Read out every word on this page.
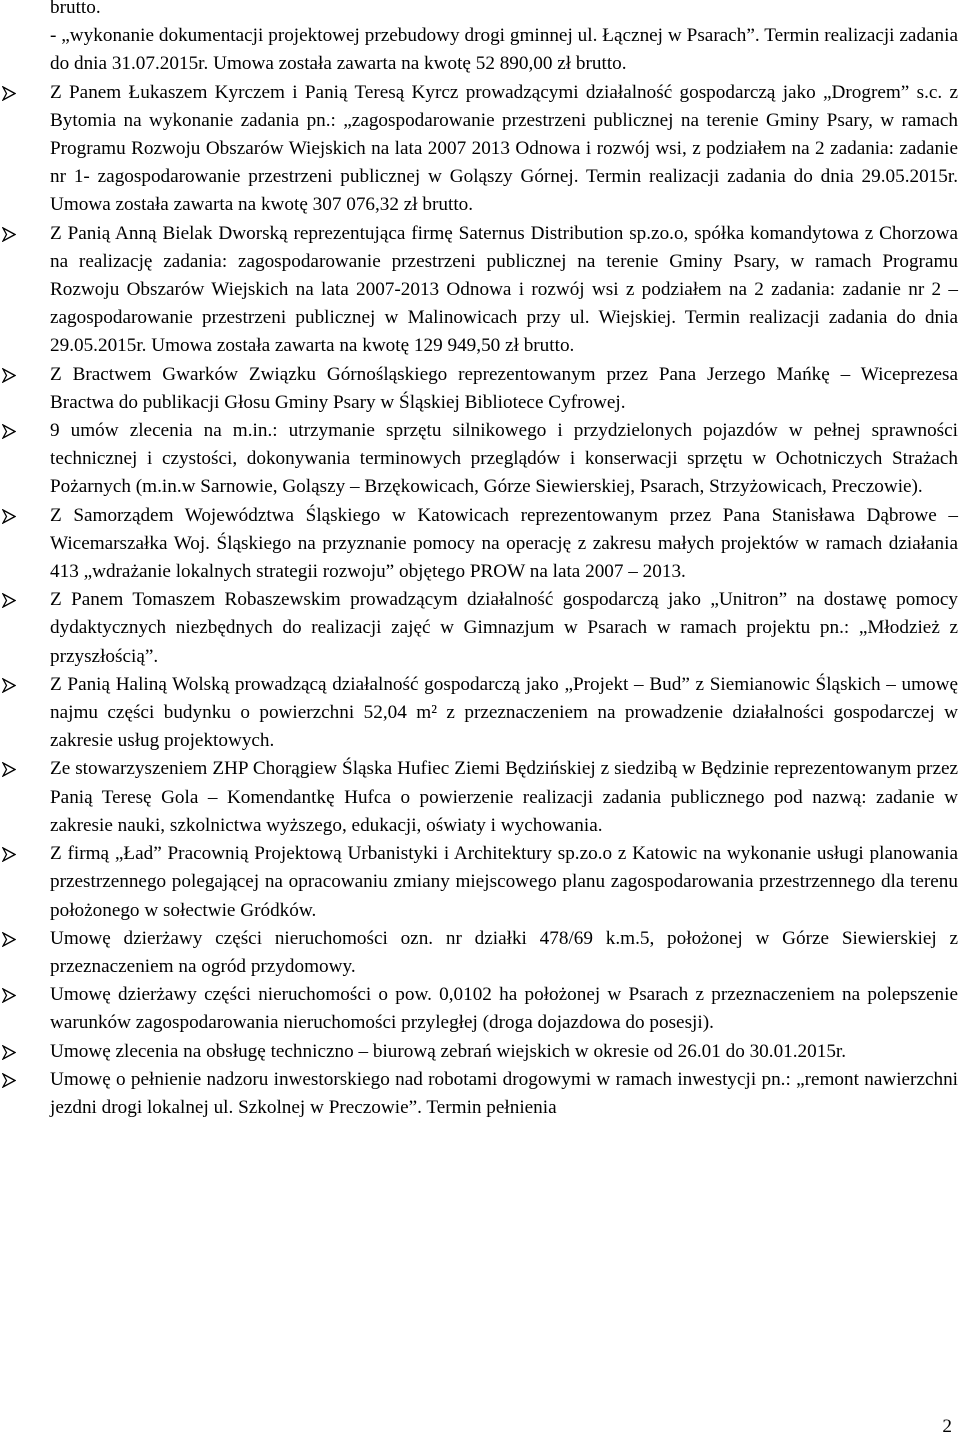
brutto.
- „wykonanie dokumentacji projektowej przebudowy drogi gminnej ul. Łącznej w Psarach”. Termin realizacji zadania do dnia 31.07.2015r. Umowa została zawarta na kwotę 52 890,00 zł brutto.
Z Panem Łukaszem Kyrczem i Panią Teresą Kyrcz prowadzącymi działalność gospodarczą jako „Drogrem” s.c. z Bytomia na wykonanie zadania pn.: „zagospodarowanie przestrzeni publicznej na terenie Gminy Psary, w ramach Programu Rozwoju Obszarów Wiejskich na lata 2007 2013 Odnowa i rozwój wsi, z podziałem na 2 zadania: zadanie nr 1- zagospodarowanie przestrzeni publicznej w Goląszy Górnej. Termin realizacji zadania do dnia 29.05.2015r. Umowa została zawarta na kwotę 307 076,32 zł brutto.
Z Panią Anną Bielak Dworską reprezentująca firmę Saternus Distribution sp.zo.o, spółka komandytowa z Chorzowa na realizację zadania: zagospodarowanie przestrzeni publicznej na terenie Gminy Psary, w ramach Programu Rozwoju Obszarów Wiejskich na lata 2007-2013 Odnowa i rozwój wsi z podziałem na 2 zadania: zadanie nr 2 – zagospodarowanie przestrzeni publicznej w Malinowicach przy ul. Wiejskiej. Termin realizacji zadania do dnia 29.05.2015r. Umowa została zawarta na kwotę 129 949,50 zł brutto.
Z Bractwem Gwarków Związku Górnośląskiego reprezentowanym przez Pana Jerzego Mańkę – Wiceprezesa Bractwa do publikacji Głosu Gminy Psary w Śląskiej Bibliotece Cyfrowej.
9 umów zlecenia na m.in.: utrzymanie sprzętu silnikowego i przydzielonych pojazdów w pełnej sprawności technicznej i czystości, dokonywania terminowych przeglądów i konserwacji sprzętu w Ochotniczych Strażach Pożarnych (m.in.w Sarnowie, Goląszy – Brzękowicach, Górze Siewierskiej, Psarach, Strzyżowicach, Preczowie).
Z Samorządem Województwa Śląskiego w Katowicach reprezentowanym przez Pana Stanisława Dąbrowe – Wicemarszałka Woj. Śląskiego na przyznanie pomocy na operację z zakresu małych projektów w ramach działania 413 „wdrażanie lokalnych strategii rozwoju” objętego PROW na lata 2007 – 2013.
Z Panem Tomaszem Robaszewskim prowadzącym działalność gospodarczą jako „Unitron” na dostawę pomocy dydaktycznych niezbędnych do realizacji zajęć w Gimnazjum w Psarach w ramach projektu pn.: „Młodzież z przyszłością”.
Z Panią Haliną Wolską prowadzącą działalność gospodarczą jako „Projekt – Bud” z Siemianowic Śląskich – umowę najmu części budynku o powierzchni 52,04 m² z przeznaczeniem na prowadzenie działalności gospodarczej w zakresie usług projektowych.
Ze stowarzyszeniem ZHP Chorągiew Śląska Hufiec Ziemi Będzińskiej z siedzibą w Będzinie reprezentowanym przez Panią Teresę Gola – Komendantkę Hufca o powierzenie realizacji zadania publicznego pod nazwą: zadanie w zakresie nauki, szkolnictwa wyższego, edukacji, oświaty i wychowania.
Z firmą „Ład” Pracownią Projektową Urbanistyki i Architektury sp.zo.o z Katowic na wykonanie usługi planowania przestrzennego polegającej na opracowaniu zmiany miejscowego planu zagospodarowania przestrzennego dla terenu położonego w sołectwie Gródków.
Umowę dzierżawy części nieruchomości ozn. nr działki 478/69 k.m.5, położonej w Górze Siewierskiej z przeznaczeniem na ogród przydomowy.
Umowę dzierżawy części nieruchomości o pow. 0,0102 ha położonej w Psarach z przeznaczeniem na polepszenie warunków zagospodarowania nieruchomości przyległej (droga dojazdowa do posesji).
Umowę zlecenia na obsługę techniczno – biurową zebrań wiejskich w okresie od 26.01 do 30.01.2015r.
Umowę o pełnienie nadzoru inwestorskiego nad robotami drogowymi w ramach inwestycji pn.: „remont nawierzchni jezdni drogi lokalnej ul. Szkolnej w Preczowie”. Termin pełnienia

2
